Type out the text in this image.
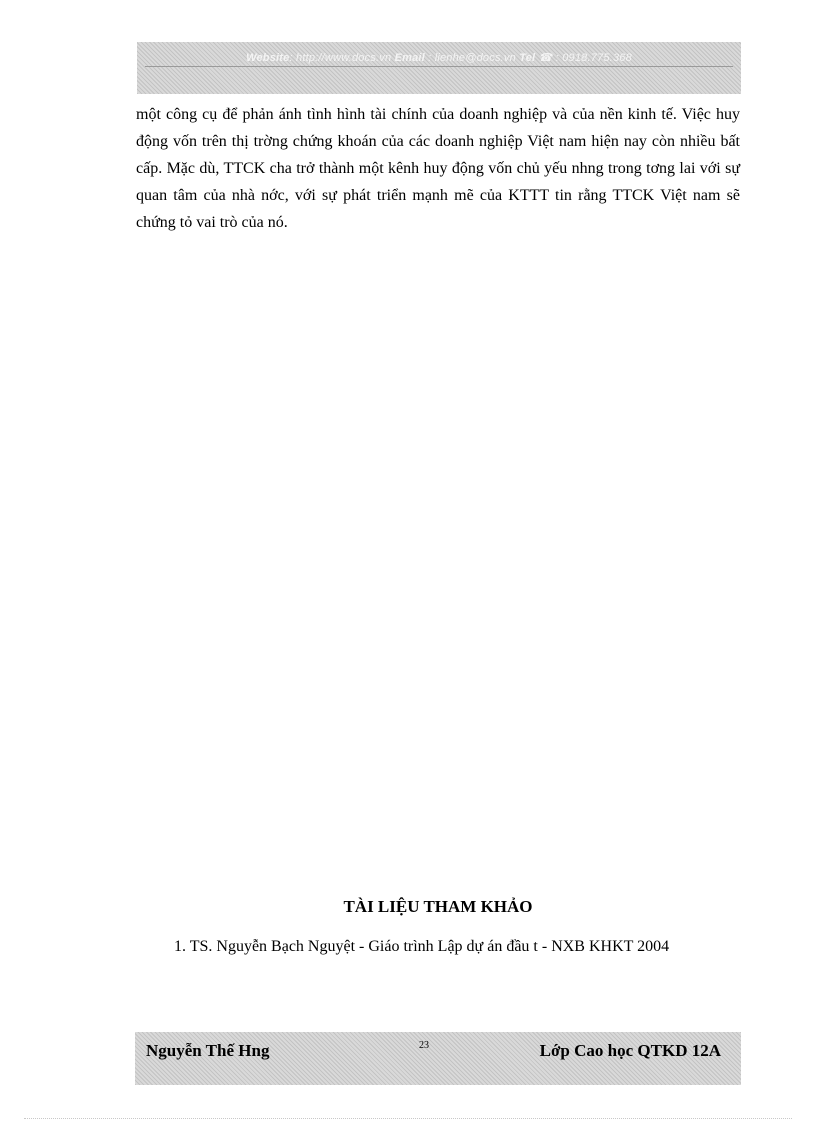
Website: http://www.docs.vn Email : lienhe@docs.vn Tel ☎ : 0918.775.368

một công cụ để phản ánh tình hình tài chính của doanh nghiệp và của nền kinh tế. Việc huy động vốn trên thị trờng chứng khoán của các doanh nghiệp Việt nam hiện nay còn nhiều bất cấp. Mặc dù, TTCK cha trở thành một kênh huy động vốn chủ yếu nhng trong tơng lai với sự quan tâm của nhà nớc, với sự phát triển mạnh mẽ của KTTT tin rằng TTCK Việt nam sẽ chứng tỏ vai trò của nó.

TÀI LIỆU THAM KHẢO

1. TS. Nguyễn Bạch Nguyệt - Giáo trình Lập dự án đầu t - NXB KHKT 2004

Nguyễn Thế Hng	23	Lớp Cao học QTKD 12A
